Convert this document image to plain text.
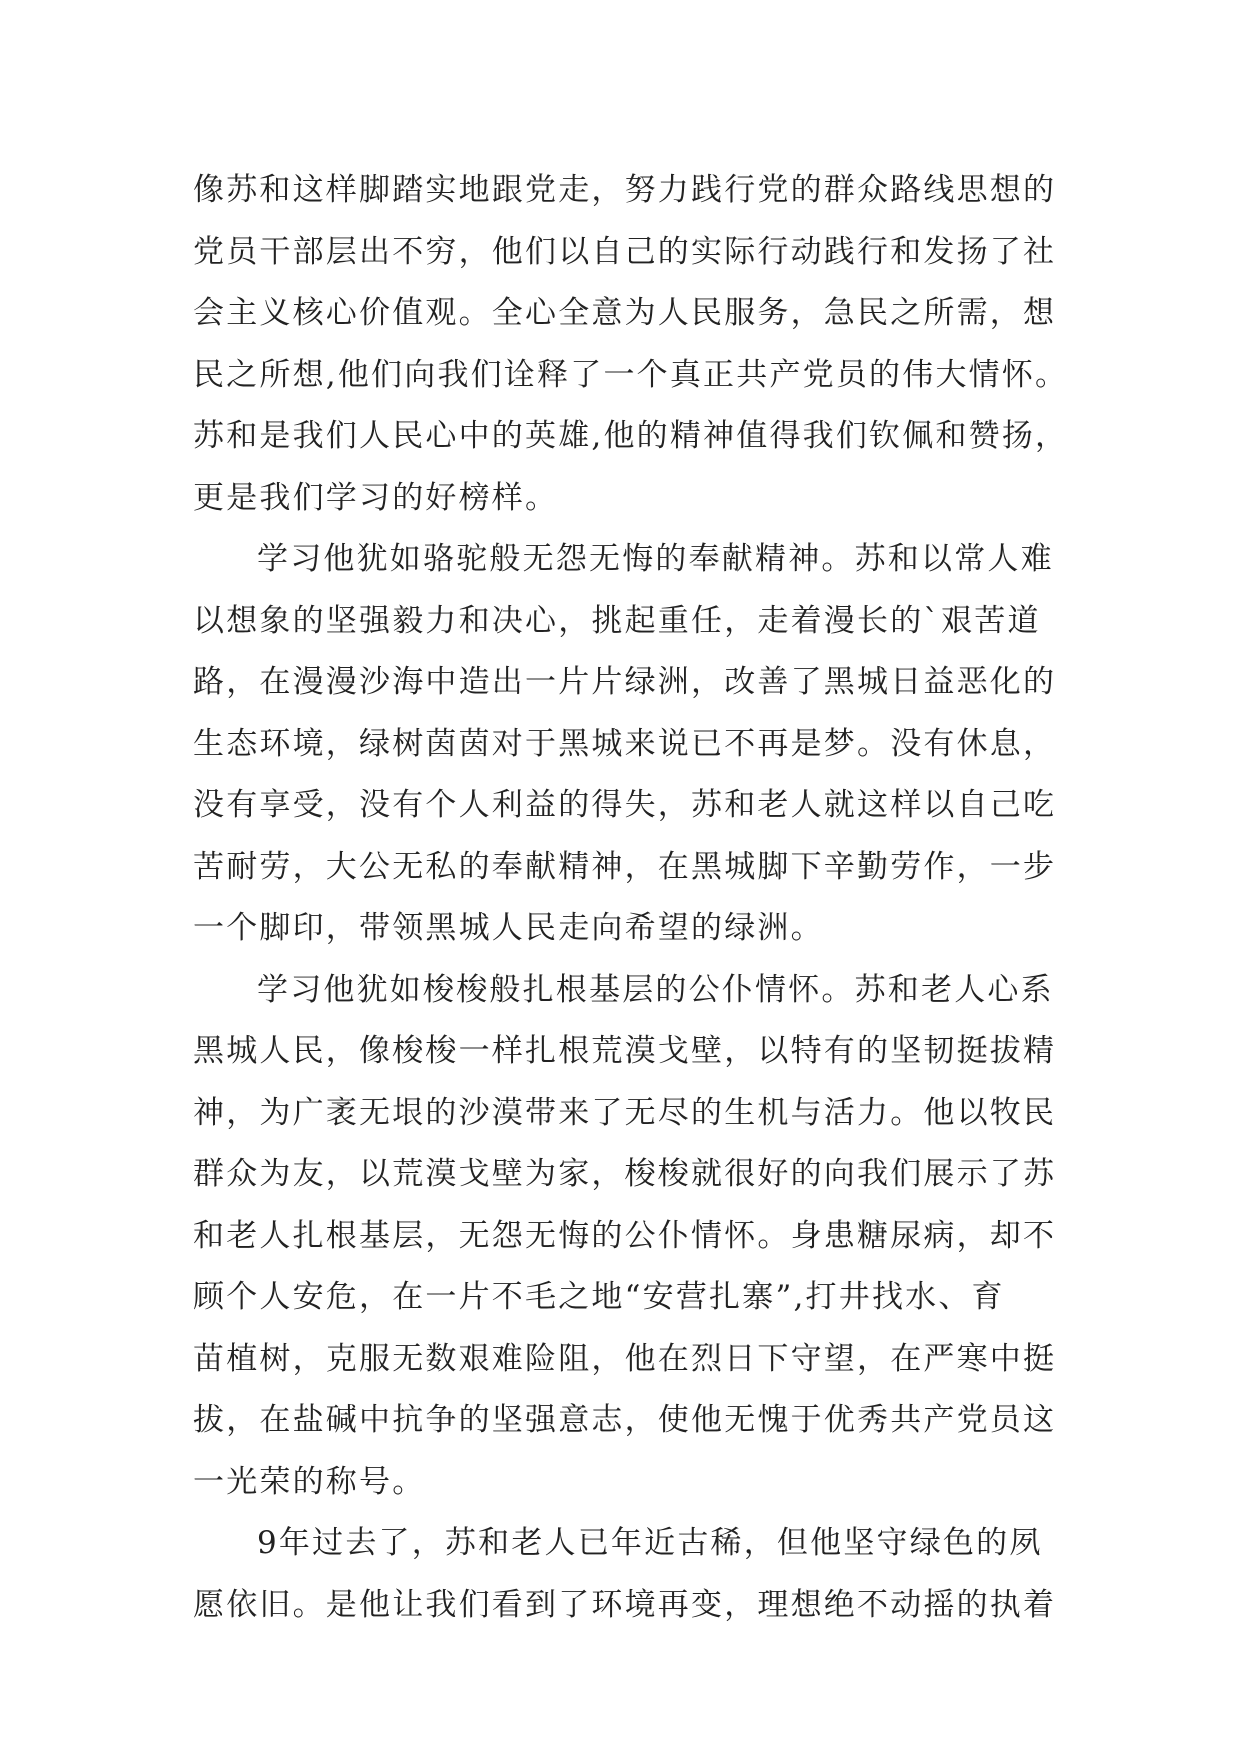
像苏和这样脚踏实地跟党走，努力践行党的群众路线思想的
党员干部层出不穷，他们以自己的实际行动践行和发扬了社
会主义核心价值观。全心全意为人民服务，急民之所需，想
民之所想,他们向我们诠释了一个真正共产党员的伟大情怀。
苏和是我们人民心中的英雄,他的精神值得我们钦佩和赞扬，
更是我们学习的好榜样。
学习他犹如骆驼般无怨无悔的奉献精神。苏和以常人难
以想象的坚强毅力和决心，挑起重任，走着漫长的`艰苦道
路，在漫漫沙海中造出一片片绿洲，改善了黑城日益恶化的
生态环境，绿树茵茵对于黑城来说已不再是梦。没有休息，
没有享受，没有个人利益的得失，苏和老人就这样以自己吃
苦耐劳，大公无私的奉献精神，在黑城脚下辛勤劳作，一步
一个脚印，带领黑城人民走向希望的绿洲。
学习他犹如梭梭般扎根基层的公仆情怀。苏和老人心系
黑城人民，像梭梭一样扎根荒漠戈壁，以特有的坚韧挺拔精
神，为广袤无垠的沙漠带来了无尽的生机与活力。他以牧民
群众为友，以荒漠戈壁为家，梭梭就很好的向我们展示了苏
和老人扎根基层，无怨无悔的公仆情怀。身患糖尿病，却不
顾个人安危，在一片不毛之地“安营扎寨”,打井找水、育
苗植树，克服无数艰难险阻，他在烈日下守望，在严寒中挺
拔，在盐碱中抗争的坚强意志，使他无愧于优秀共产党员这
一光荣的称号。
9年过去了，苏和老人已年近古稀，但他坚守绿色的夙
愿依旧。是他让我们看到了环境再变，理想绝不动摇的执着
